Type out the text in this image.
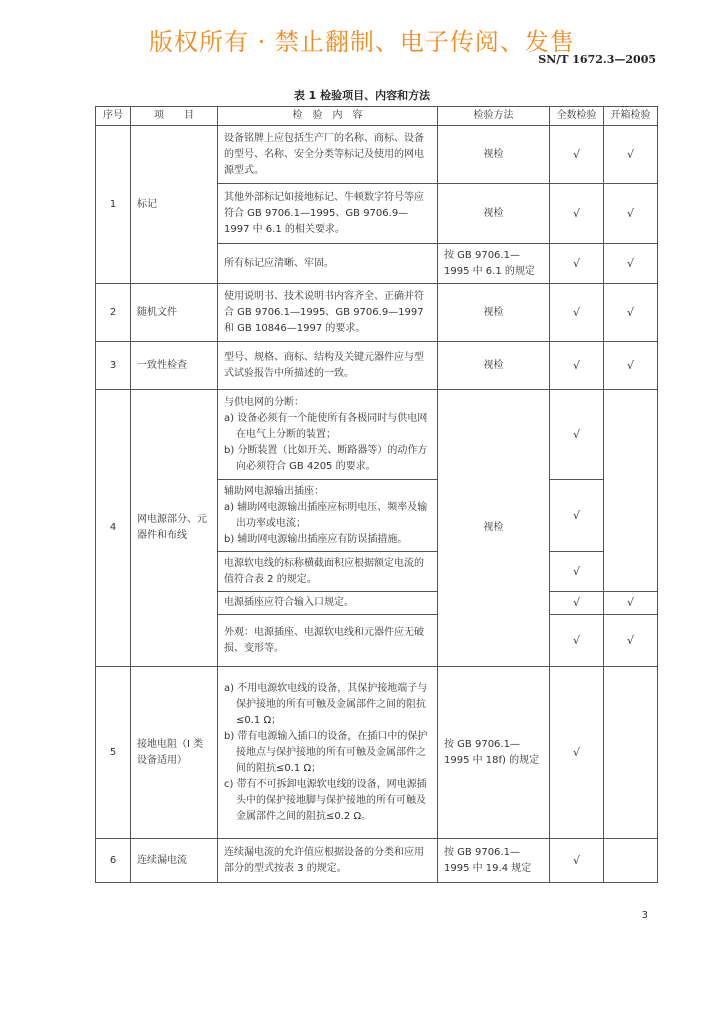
版权所有 · 禁止翻制、电子传阅、发售
SN/T 1672.3—2005
表 1 检验项目、内容和方法
序号	项　　目	检　验　内　容	检验方法	全数检验	开箱检验
1	标记	设备铭牌上应包括生产厂的名称、商标、设备的型号、名称、安全分类等标记及使用的网电源型式。	视检	√	√
		其他外部标记如接地标记、牛顿数字符号等应符合 GB 9706.1—1995、GB 9706.9—1997 中 6.1 的相关要求。	视检	√	√
		所有标记应清晰、牢固。	按 GB 9706.1—1995 中 6.1 的规定	√	√
2	随机文件	使用说明书、技术说明书内容齐全、正确并符合 GB 9706.1—1995、GB 9706.9—1997 和 GB 10846—1997 的要求。	视检	√	√
3	一致性检查	型号、规格、商标、结构及关键元器件应与型式试验报告中所描述的一致。	视检	√	√
4	网电源部分、元器件和布线	与供电网的分断：
a) 设备必须有一个能使所有各极同时与供电网在电气上分断的装置；
b) 分断装置（比如开关、断路器等）的动作方向必须符合 GB 4205 的要求。	视检	√	

		辅助网电源输出插座：
a) 辅助网电源输出插座应标明电压、频率及输出功率或电流；
b) 辅助网电源输出插座应有防误插措施。		√	
		电源软电线的标称横截面积应根据额定电流的值符合表 2 的规定。		√	
		电源插座应符合输入口规定。		√	√
		外观：电源插座、电源软电线和元器件应无破损、变形等。		√	√
5	接地电阻（I 类设备适用）	a) 不用电源软电线的设备，其保护接地端子与保护接地的所有可触及金属部件之间的阻抗≤0.1 Ω；
b) 带有电源输入插口的设备，在插口中的保护接地点与保护接地的所有可触及金属部件之间的阻抗≤0.1 Ω；
c) 带有不可拆卸电源软电线的设备，网电源插头中的保护接地脚与保护接地的所有可触及金属部件之间的阻抗≤0.2 Ω。	按 GB 9706.1—1995 中 18f) 的规定	√	
6	连续漏电流	连续漏电流的允许值应根据设备的分类和应用部分的型式按表 3 的规定。	按 GB 9706.1—1995 中 19.4 规定	√	
3
